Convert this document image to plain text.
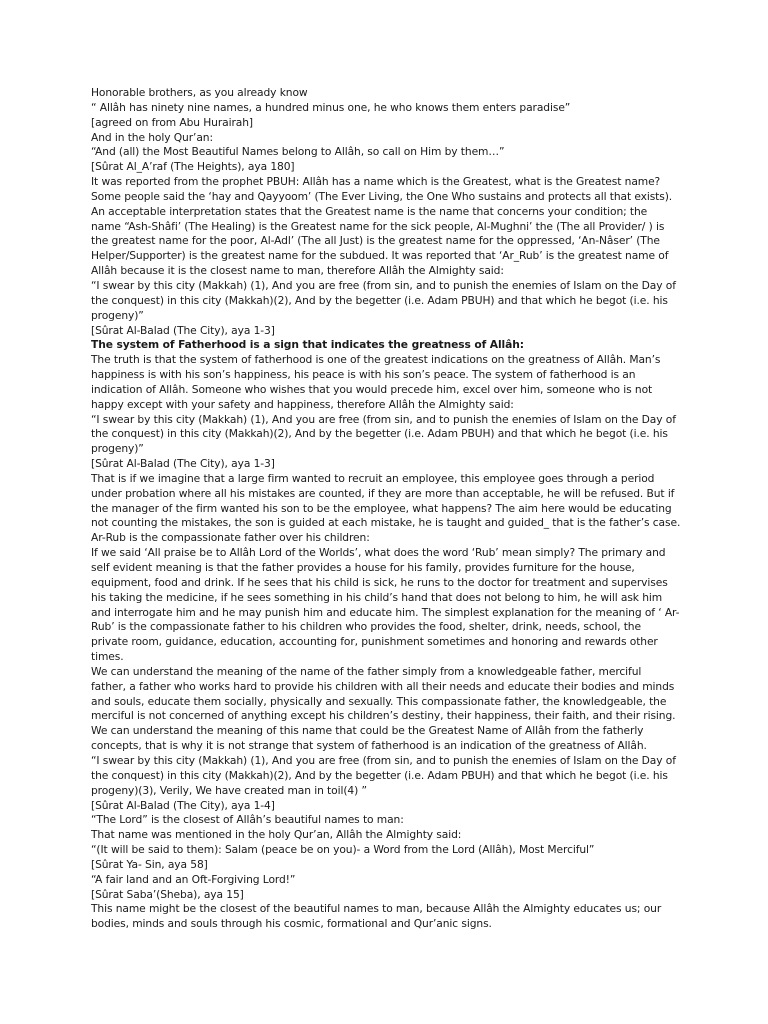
Honorable brothers, as you already know
“ Allâh has ninety nine names, a hundred minus one, he who knows them enters paradise”
[agreed on from Abu Hurairah]
And in the holy Qur’an:
“And (all) the Most Beautiful Names belong to Allâh, so call on Him by them…”
[Sûrat Al_A’raf (The Heights), aya 180]
It was reported from the prophet PBUH: Allâh has a name which is the Greatest, what is the Greatest name?
Some people said the ‘hay and Qayyoom’ (The Ever Living, the One Who sustains and protects all that exists).
An acceptable interpretation states that the Greatest name is the name that concerns your condition; the
name “Ash-Shâfi’ (The Healing) is the Greatest name for the sick people, Al-Mughni’ the (The all Provider/ ) is
the greatest name for the poor, Al-Adl’ (The all Just) is the greatest name for the oppressed, ‘An-Nâser’ (The
Helper/Supporter) is the greatest name for the subdued. It was reported that ‘Ar_Rub’ is the greatest name of
Allâh because it is the closest name to man, therefore Allâh the Almighty said:
“I swear by this city (Makkah) (1), And you are free (from sin, and to punish the enemies of Islam on the Day of
the conquest) in this city (Makkah)(2), And by the begetter (i.e. Adam PBUH) and that which he begot (i.e. his
progeny)”
[Sûrat Al-Balad (The City), aya 1-3]
The system of Fatherhood is a sign that indicates the greatness of Allâh:
The truth is that the system of fatherhood is one of the greatest indications on the greatness of Allâh. Man’s
happiness is with his son’s happiness, his peace is with his son’s peace. The system of fatherhood is an
indication of Allâh. Someone who wishes that you would precede him, excel over him, someone who is not
happy except with your safety and happiness, therefore Allâh the Almighty said:
“I swear by this city (Makkah) (1), And you are free (from sin, and to punish the enemies of Islam on the Day of
the conquest) in this city (Makkah)(2), And by the begetter (i.e. Adam PBUH) and that which he begot (i.e. his
progeny)”
[Sûrat Al-Balad (The City), aya 1-3]
That is if we imagine that a large firm wanted to recruit an employee, this employee goes through a period
under probation where all his mistakes are counted, if they are more than acceptable, he will be refused. But if
the manager of the firm wanted his son to be the employee, what happens? The aim here would be educating
not counting the mistakes, the son is guided at each mistake, he is taught and guided_ that is the father’s case.
Ar-Rub is the compassionate father over his children:
If we said ‘All praise be to Allâh Lord of the Worlds’, what does the word ‘Rub’ mean simply? The primary and
self evident meaning is that the father provides a house for his family, provides furniture for the house,
equipment, food and drink. If he sees that his child is sick, he runs to the doctor for treatment and supervises
his taking the medicine, if he sees something in his child’s hand that does not belong to him, he will ask him
and interrogate him and he may punish him and educate him. The simplest explanation for the meaning of ‘ Ar-
Rub’ is the compassionate father to his children who provides the food, shelter, drink, needs, school, the
private room, guidance, education, accounting for, punishment sometimes and honoring and rewards other
times.
We can understand the meaning of the name of the father simply from a knowledgeable father, merciful
father, a father who works hard to provide his children with all their needs and educate their bodies and minds
and souls, educate them socially, physically and sexually. This compassionate father, the knowledgeable, the
merciful is not concerned of anything except his children’s destiny, their happiness, their faith, and their rising.
We can understand the meaning of this name that could be the Greatest Name of Allâh from the fatherly
concepts, that is why it is not strange that system of fatherhood is an indication of the greatness of Allâh.
“I swear by this city (Makkah) (1), And you are free (from sin, and to punish the enemies of Islam on the Day of
the conquest) in this city (Makkah)(2), And by the begetter (i.e. Adam PBUH) and that which he begot (i.e. his
progeny)(3), Verily, We have created man in toil(4) ”
[Sûrat Al-Balad (The City), aya 1-4]
“The Lord” is the closest of Allâh’s beautiful names to man:
That name was mentioned in the holy Qur’an, Allâh the Almighty said:
“(It will be said to them): Salam (peace be on you)- a Word from the Lord (Allâh), Most Merciful”
[Sûrat Ya- Sin, aya 58]
“A fair land and an Oft-Forgiving Lord!”
[Sûrat Saba’(Sheba), aya 15]
This name might be the closest of the beautiful names to man, because Allâh the Almighty educates us; our
bodies, minds and souls through his cosmic, formational and Qur’anic signs.
